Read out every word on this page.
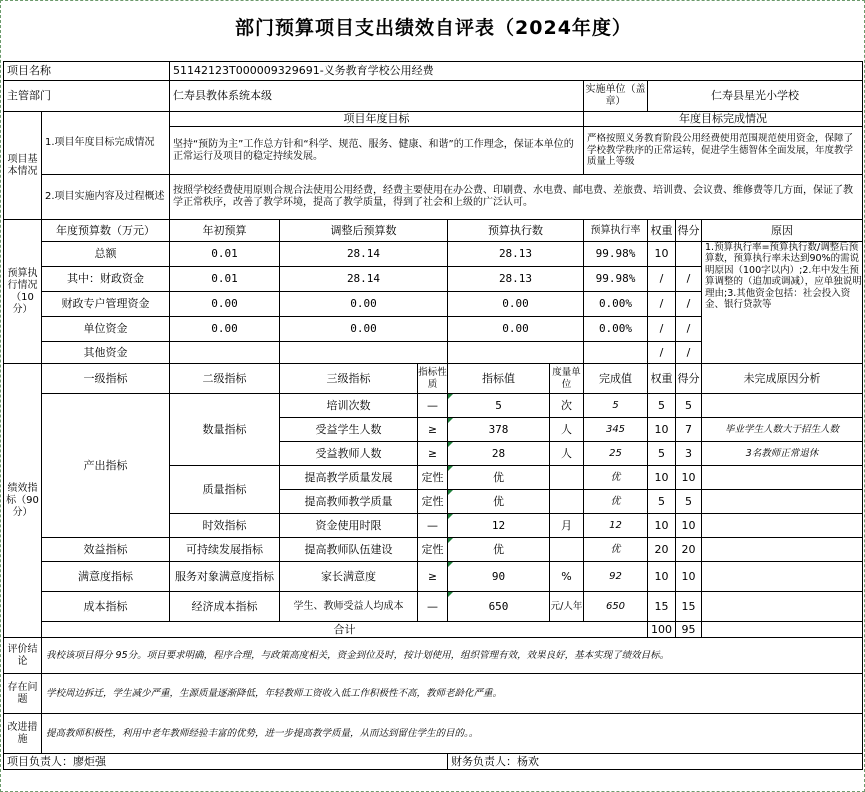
部门预算项目支出绩效自评表（2024年度）
项目名称		51142123T000009329691-义务教育学校公用经费								
主管部门		仁寿县教体系统本级					实施单位（盖章）	仁寿县星光小学校		
项目基本情况	1.项目年度目标完成情况	项目年度目标					年度目标完成情况			
		坚持“预防为主”工作总方针和“科学、规范、服务、健康、和谐”的工作理念，保证本单位的正常运行及项目的稳定持续发展。					严格按照义务教育阶段公用经费使用范围规范使用资金，保障了学校教学秩序的正常运转，促进学生德智体全面发展，年度教学质量上等级			

	2.项目实施内容及过程概述	按照学校经费使用原则合规合法使用公用经费，经费主要使用在办公费、印刷费、水电费、邮电费、差旅费、培训费、会议费、维修费等几方面，保证了教学正常秩序，改善了教学环境，提高了教学质量，得到了社会和上级的广泛认可。								
预算执行情况（10分）	年度预算数（万元）	年初预算	调整后预算数		预算执行数		预算执行率	权重	得分	原因
	总额	0.01	28.14		28.13		99.98%	10		1.预算执行率=预算执行数/调整后预算数，预算执行率未达到90%的需说明原因（100字以内）;2.年中发生预算调整的（追加或调减），应单独说明理由;3.其他资金包括：社会投入资金、银行贷款等

	其中：财政资金	0.01	28.14		28.13		99.98%	/	/	
	财政专户管理资金	0.00	0.00		0.00		0.00%	/	/	
	单位资金	0.00	0.00		0.00		0.00%	/	/	
	其他资金							/	/	
绩效指标（90分）	一级指标	二级指标	三级指标	指标性质	指标值	度量单位	完成值	权重	得分	未完成原因分析
	产出指标	数量指标	培训次数	—	5	次	5	5	5	
			受益学生人数	≥	378	人	345	10	7	毕业学生人数大于招生人数
			受益教师人数	≥	28	人	25	5	3	3名教师正常退休
		质量指标	提高教学质量发展	定性	优		优	10	10	
			提高教师教学质量	定性	优		优	5	5	
		时效指标	资金使用时限	—	12	月	12	10	10	
	效益指标	可持续发展指标	提高教师队伍建设	定性	优		优	20	20	
	满意度指标	服务对象满意度指标	家长满意度	≥	90	%	92	10	10	
	成本指标	经济成本指标	学生、教师受益人均成本	—	650	元/人年	650	15	15	
	合计							100	95	
评价结论	我校该项目得分 95分。项目要求明确，程序合理，与政策高度相关，资金到位及时，按计划使用，组织管理有效，效果良好，基本实现了绩效目标。									
存在问题	学校周边拆迁，学生减少严重，生源质量逐渐降低，年轻教师工资收入低工作积极性不高，教师老龄化严重。									
改进措施	提高教师积极性，利用中老年教师经验丰富的优势，进一步提高教学质量，从而达到留住学生的目的。。									
项目负责人：廖炬强					财务负责人：杨欢					
